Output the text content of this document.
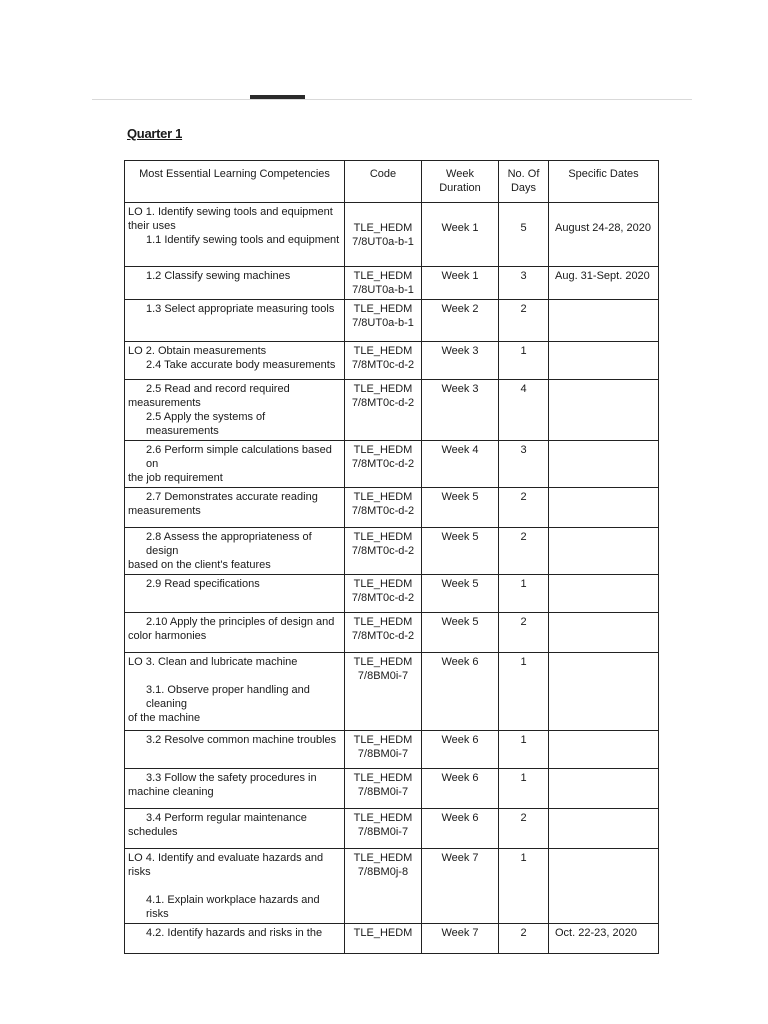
Quarter 1
Most Essential Learning Competencies	Code	Week Duration	No. Of Days	Specific Dates

LO 1. Identify sewing tools and equipment
their uses
1.1 Identify sewing tools and equipment	TLE_HEDM
7/8UT0a-b-1	Week 1	5	August 24-28, 2020

1.2 Classify sewing machines	TLE_HEDM
7/8UT0a-b-1	Week 1	3	Aug. 31-Sept. 2020

1.3 Select appropriate measuring tools	TLE_HEDM
7/8UT0a-b-1	Week 2	2	

LO 2. Obtain measurements
2.4 Take accurate body measurements	TLE_HEDM
7/8MT0c-d-2	Week 3	1	

2.5 Read and record required
measurements
2.5 Apply the systems of measurements	TLE_HEDM
7/8MT0c-d-2	Week 3	4	

2.6 Perform simple calculations based on
the job requirement	TLE_HEDM
7/8MT0c-d-2	Week 4	3	

2.7 Demonstrates accurate reading
measurements	TLE_HEDM
7/8MT0c-d-2	Week 5	2	

2.8 Assess the appropriateness of design
based on the client's features	TLE_HEDM
7/8MT0c-d-2	Week 5	2	

2.9 Read specifications	TLE_HEDM
7/8MT0c-d-2	Week 5	1	

2.10 Apply the principles of design and
color harmonies	TLE_HEDM
7/8MT0c-d-2	Week 5	2	

LO 3. Clean and lubricate machine
3.1. Observe proper handling and cleaning
of the machine	TLE_HEDM
7/8BM0i-7	Week 6	1	

3.2 Resolve common machine troubles	TLE_HEDM
7/8BM0i-7	Week 6	1	

3.3 Follow the safety procedures in
machine cleaning	TLE_HEDM
7/8BM0i-7	Week 6	1	

3.4 Perform regular maintenance
schedules	TLE_HEDM
7/8BM0i-7	Week 6	2	

LO 4. Identify and evaluate hazards and risks
4.1. Explain workplace hazards and risks	TLE_HEDM
7/8BM0j-8	Week 7	1	

4.2. Identify hazards and risks in the	TLE_HEDM	Week 7	2	Oct. 22-23, 2020
